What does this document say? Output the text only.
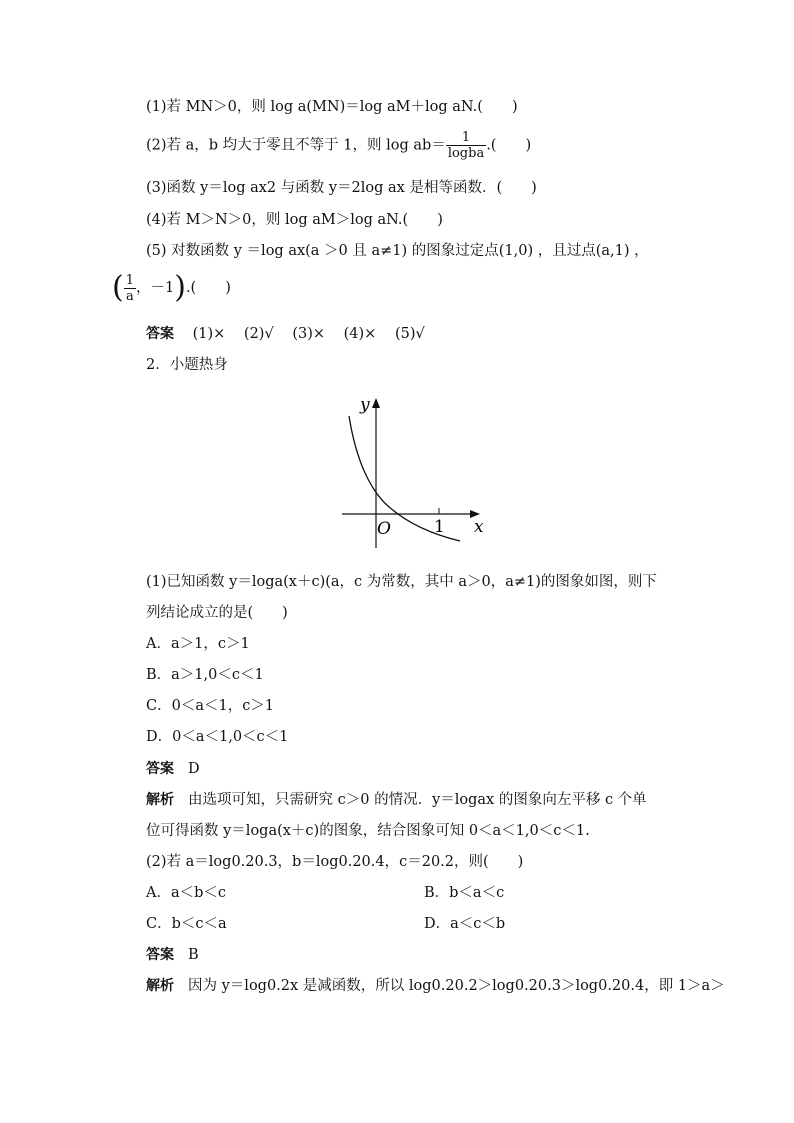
(1)若 MN＞0，则 log a(MN)＝log aM＋log aN.(　　)
(2)若 a，b 均大于零且不等于 1，则 $\log ab= \frac{1}{\text{logba}}$ .(　　)
(3)函数 y＝log ax2 与函数 y＝2log ax 是相等函数．(　　)
(4)若 M＞N＞0，则 log aM＞log aN.(　　)
(5) 对数函数 y ＝log ax(a ＞0 且 a≠1) 的图象过定点(1,0) ，且过点(a,1) ，
( $\frac{1}{a}$ ，－1).(　　)
答案 (1)× (2)√ (3)× (4)× (5)√
2．小题热身
y
x
O	1
(1)已知函数 y＝loga(x＋c)(a，c 为常数，其中 a＞0，a≠1)的图象如图，则下
列结论成立的是(　　)
A．a＞1，c＞1
B．a＞1,0＜c＜1
C．0＜a＜1，c＞1
D．0＜a＜1,0＜c＜1
答案 D
解析 由选项可知，只需研究 c＞0 的情况．y＝logax 的图象向左平移 c 个单
位可得函数 y＝loga(x＋c)的图象，结合图象可知 0＜a＜1,0＜c＜1.
(2)若 a＝log0.20.3，b＝log0.20.4，c＝20.2，则(　　)
A．a＜b＜c	B．b＜a＜c
C．b＜c＜a	D．a＜c＜b
答案 B
解析 因为 y＝log0.2x 是减函数，所以 log0.20.2＞log0.20.3＞log0.20.4，即 1＞a＞
